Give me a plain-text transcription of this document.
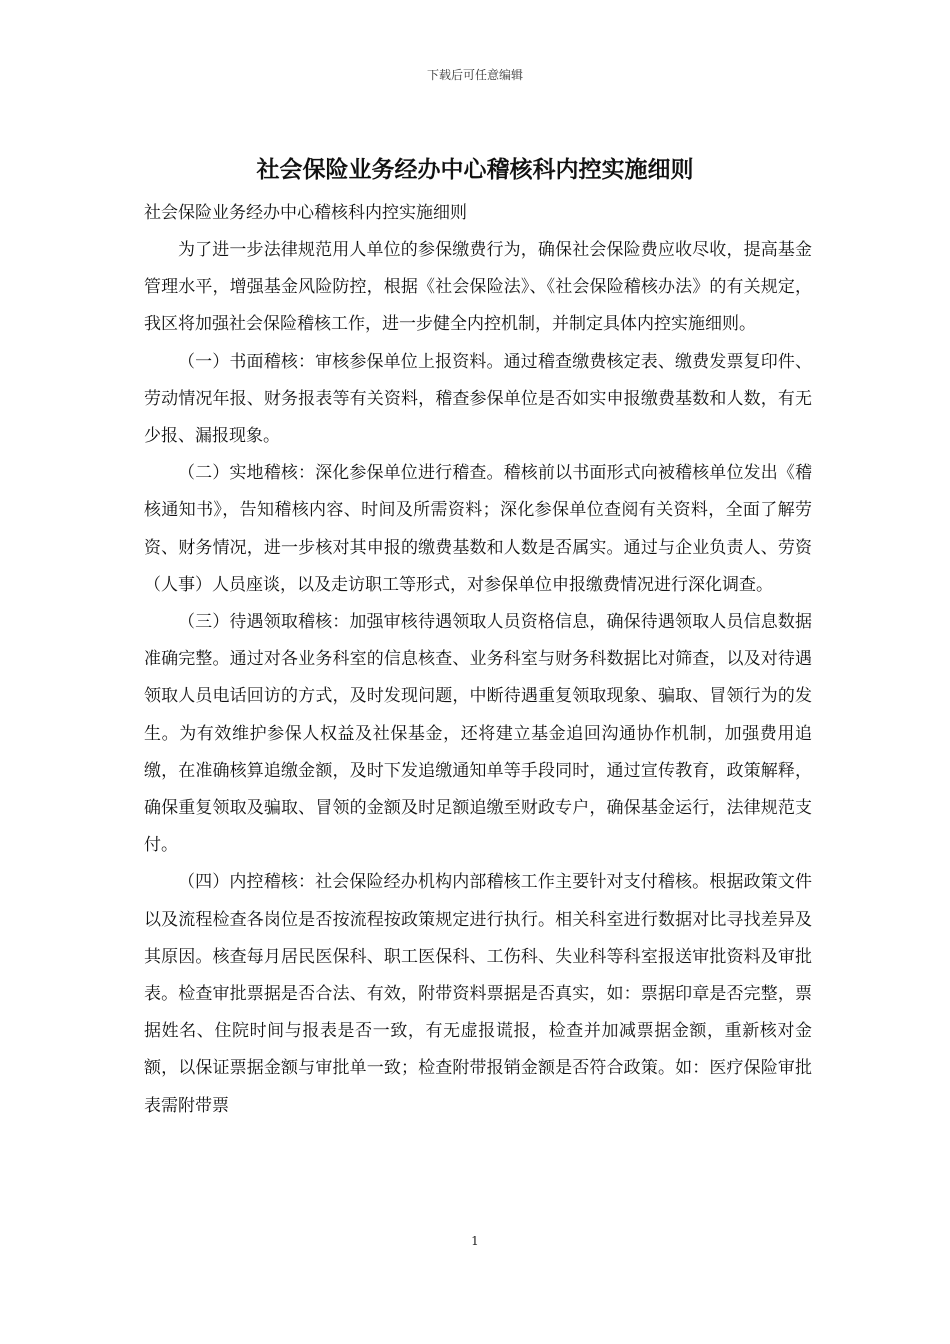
下载后可任意编辑
社会保险业务经办中心稽核科内控实施细则

社会保险业务经办中心稽核科内控实施细则

为了进一步法律规范用人单位的参保缴费行为，确保社会保险费应收尽收，提高基金管理水平，增强基金风险防控，根据《社会保险法》、《社会保险稽核办法》的有关规定，我区将加强社会保险稽核工作，进一步健全内控机制，并制定具体内控实施细则。

（一）书面稽核：审核参保单位上报资料。通过稽查缴费核定表、缴费发票复印件、劳动情况年报、财务报表等有关资料，稽查参保单位是否如实申报缴费基数和人数，有无少报、漏报现象。

（二）实地稽核：深化参保单位进行稽查。稽核前以书面形式向被稽核单位发出《稽核通知书》，告知稽核内容、时间及所需资料；深化参保单位查阅有关资料，全面了解劳资、财务情况，进一步核对其申报的缴费基数和人数是否属实。通过与企业负责人、劳资（人事）人员座谈，以及走访职工等形式，对参保单位申报缴费情况进行深化调查。

（三）待遇领取稽核：加强审核待遇领取人员资格信息，确保待遇领取人员信息数据准确完整。通过对各业务科室的信息核查、业务科室与财务科数据比对筛查，以及对待遇领取人员电话回访的方式，及时发现问题，中断待遇重复领取现象、骗取、冒领行为的发生。为有效维护参保人权益及社保基金，还将建立基金追回沟通协作机制，加强费用追缴，在准确核算追缴金额，及时下发追缴通知单等手段同时，通过宣传教育，政策解释，确保重复领取及骗取、冒领的金额及时足额追缴至财政专户，确保基金运行，法律规范支付。

（四）内控稽核：社会保险经办机构内部稽核工作主要针对支付稽核。根据政策文件以及流程检查各岗位是否按流程按政策规定进行执行。相关科室进行数据对比寻找差异及其原因。核查每月居民医保科、职工医保科、工伤科、失业科等科室报送审批资料及审批表。检查审批票据是否合法、有效，附带资料票据是否真实，如：票据印章是否完整，票据姓名、住院时间与报表是否一致，有无虚报谎报，检查并加减票据金额，重新核对金额，以保证票据金额与审批单一致；检查附带报销金额是否符合政策。如：医疗保险审批表需附带票

1
